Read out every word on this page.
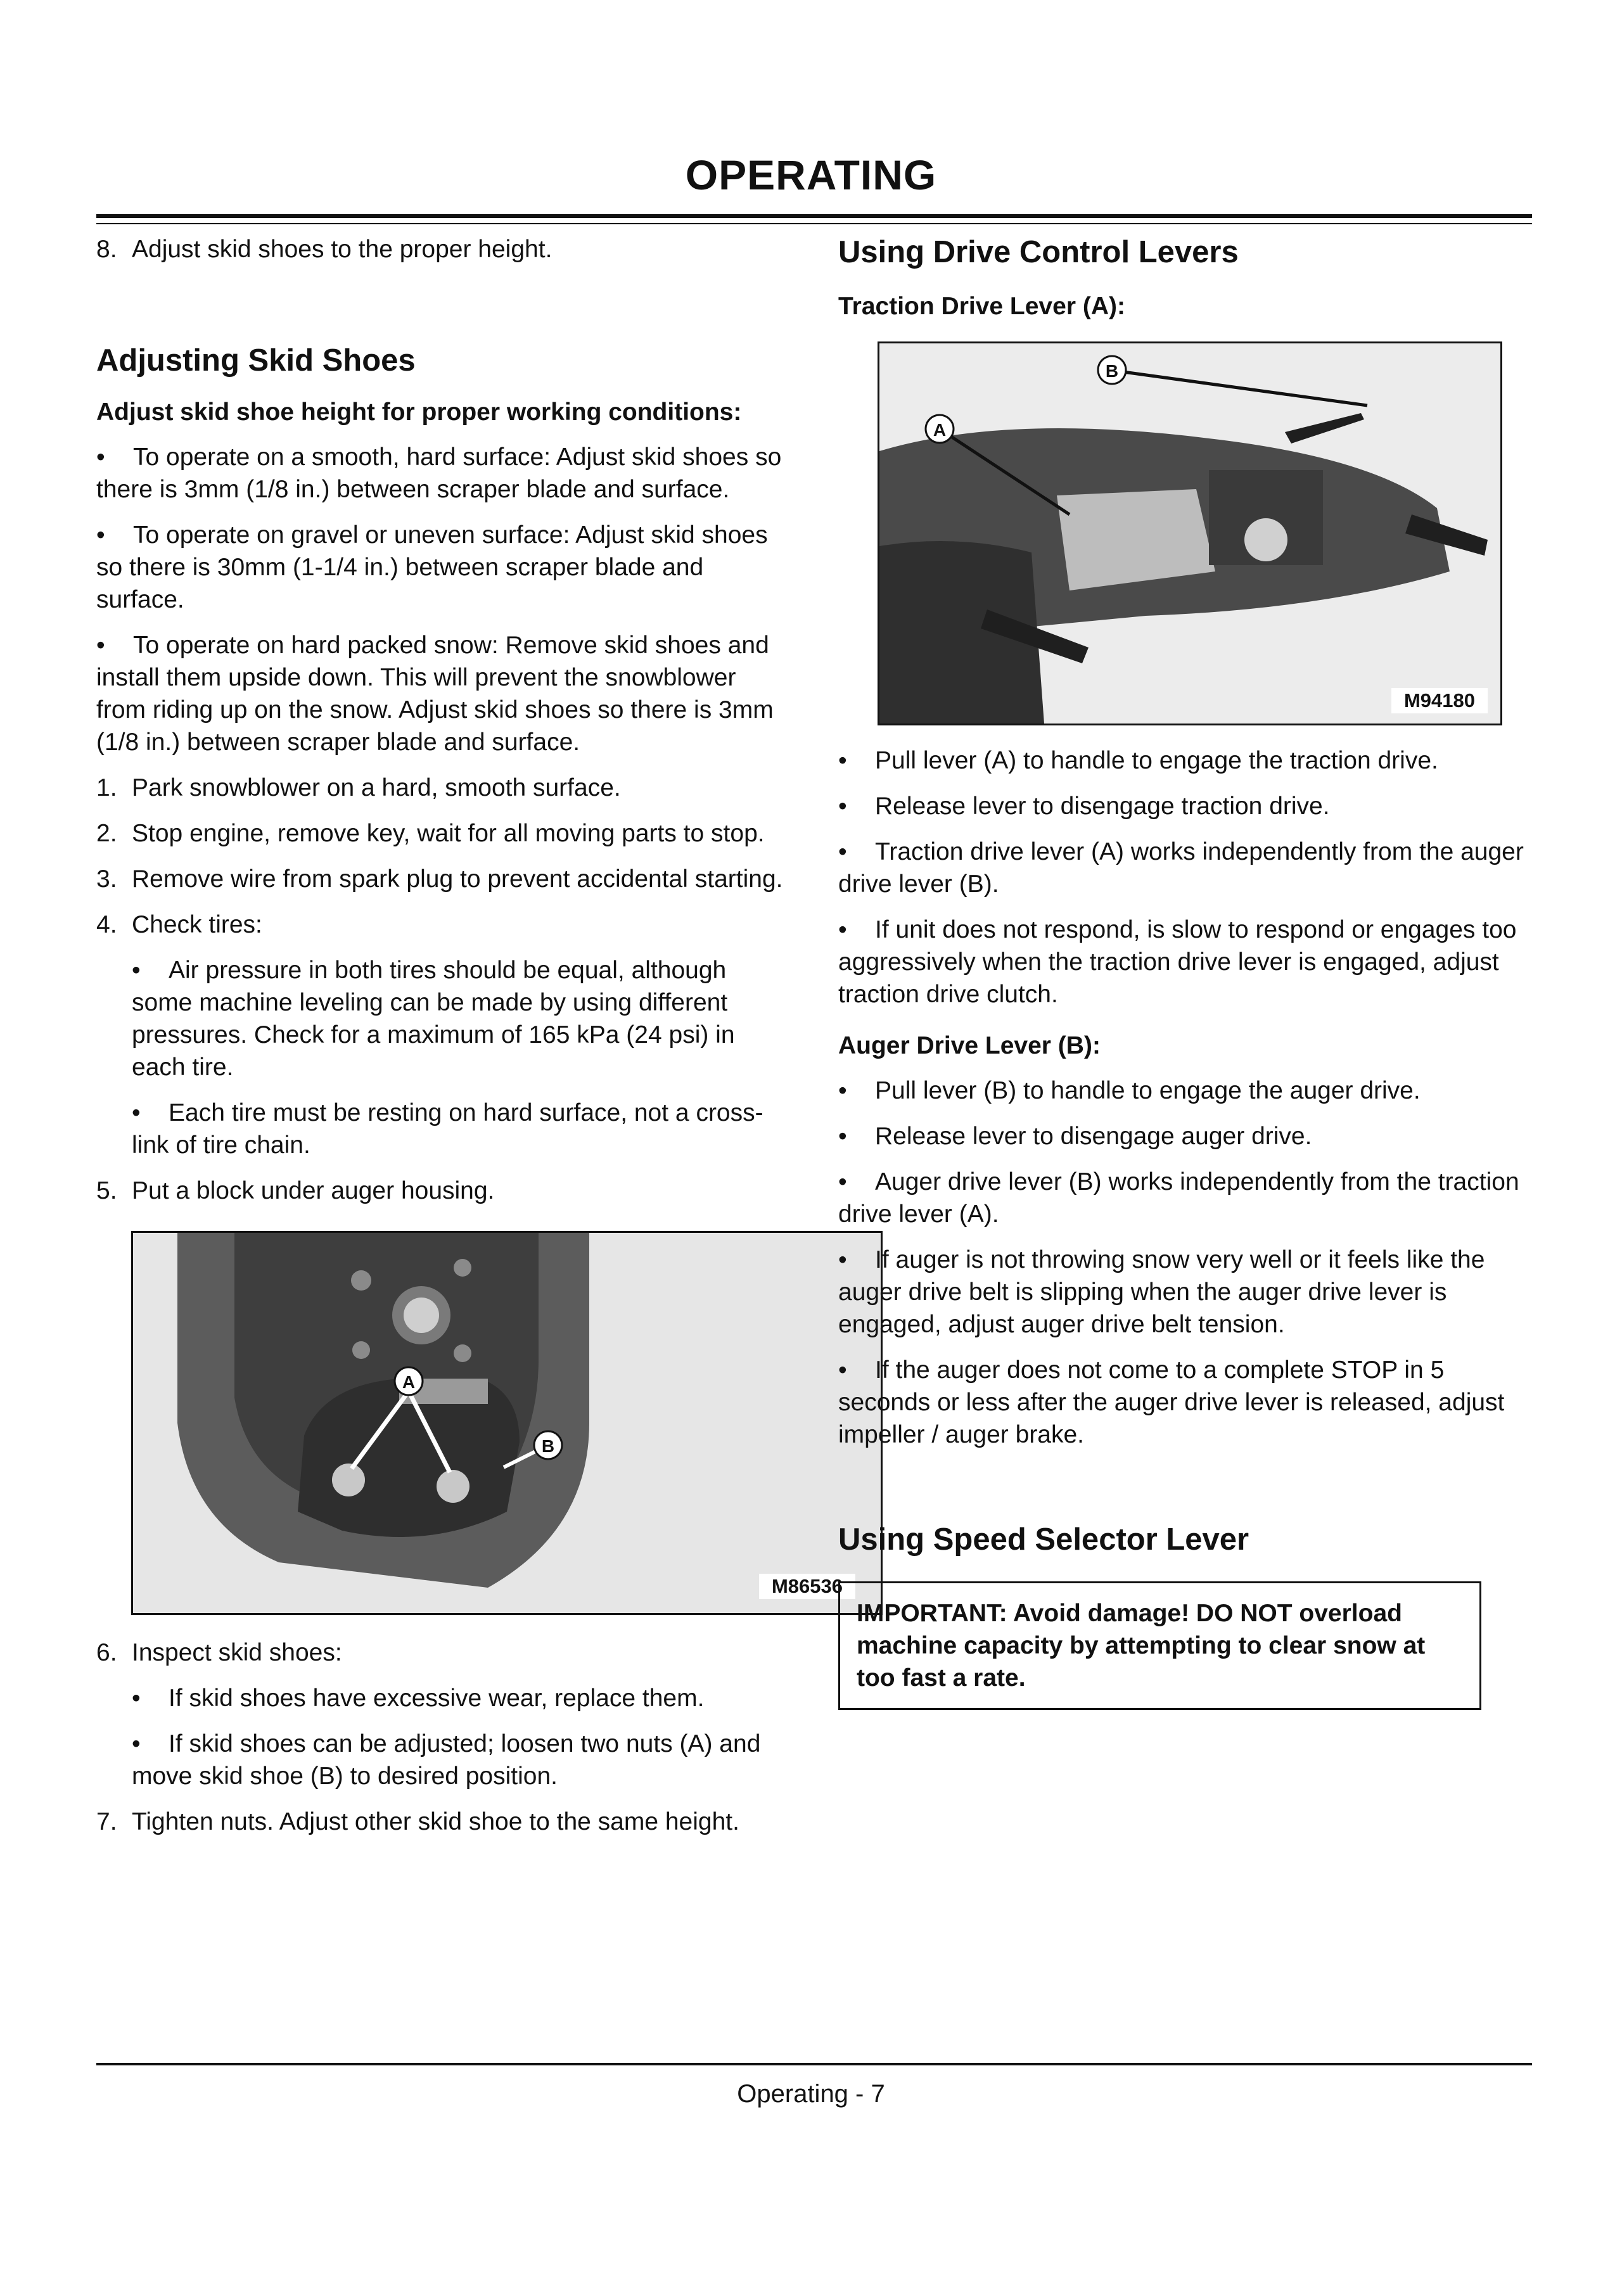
OPERATING
8. Adjust skid shoes to the proper height.
Adjusting Skid Shoes
Adjust skid shoe height for proper working conditions:
• To operate on a smooth, hard surface: Adjust skid shoes so there is 3mm (1/8 in.) between scraper blade and surface.
• To operate on gravel or uneven surface: Adjust skid shoes so there is 30mm (1-1/4 in.) between scraper blade and surface.
• To operate on hard packed snow: Remove skid shoes and install them upside down. This will prevent the snowblower from riding up on the snow. Adjust skid shoes so there is 3mm (1/8 in.) between scraper blade and surface.
1. Park snowblower on a hard, smooth surface.
2. Stop engine, remove key, wait for all moving parts to stop.
3. Remove wire from spark plug to prevent accidental starting.
4. Check tires:
• Air pressure in both tires should be equal, although some machine leveling can be made by using different pressures. Check for a maximum of 165 kPa (24 psi) in each tire.
• Each tire must be resting on hard surface, not a cross-link of tire chain.
5. Put a block under auger housing.
A
B
M86536
6. Inspect skid shoes:
• If skid shoes have excessive wear, replace them.
• If skid shoes can be adjusted; loosen two nuts (A) and move skid shoe (B) to desired position.
7. Tighten nuts. Adjust other skid shoe to the same height.
Using Drive Control Levers
Traction Drive Lever (A):
A
B
M94180
• Pull lever (A) to handle to engage the traction drive.
• Release lever to disengage traction drive.
• Traction drive lever (A) works independently from the auger drive lever (B).
• If unit does not respond, is slow to respond or engages too aggressively when the traction drive lever is engaged, adjust traction drive clutch.
Auger Drive Lever (B):
• Pull lever (B) to handle to engage the auger drive.
• Release lever to disengage auger drive.
• Auger drive lever (B) works independently from the traction drive lever (A).
• If auger is not throwing snow very well or it feels like the auger drive belt is slipping when the auger drive lever is engaged, adjust auger drive belt tension.
• If the auger does not come to a complete STOP in 5 seconds or less after the auger drive lever is released, adjust impeller / auger brake.
Using Speed Selector Lever
IMPORTANT: Avoid damage! DO NOT overload machine capacity by attempting to clear snow at too fast a rate.
Operating - 7
